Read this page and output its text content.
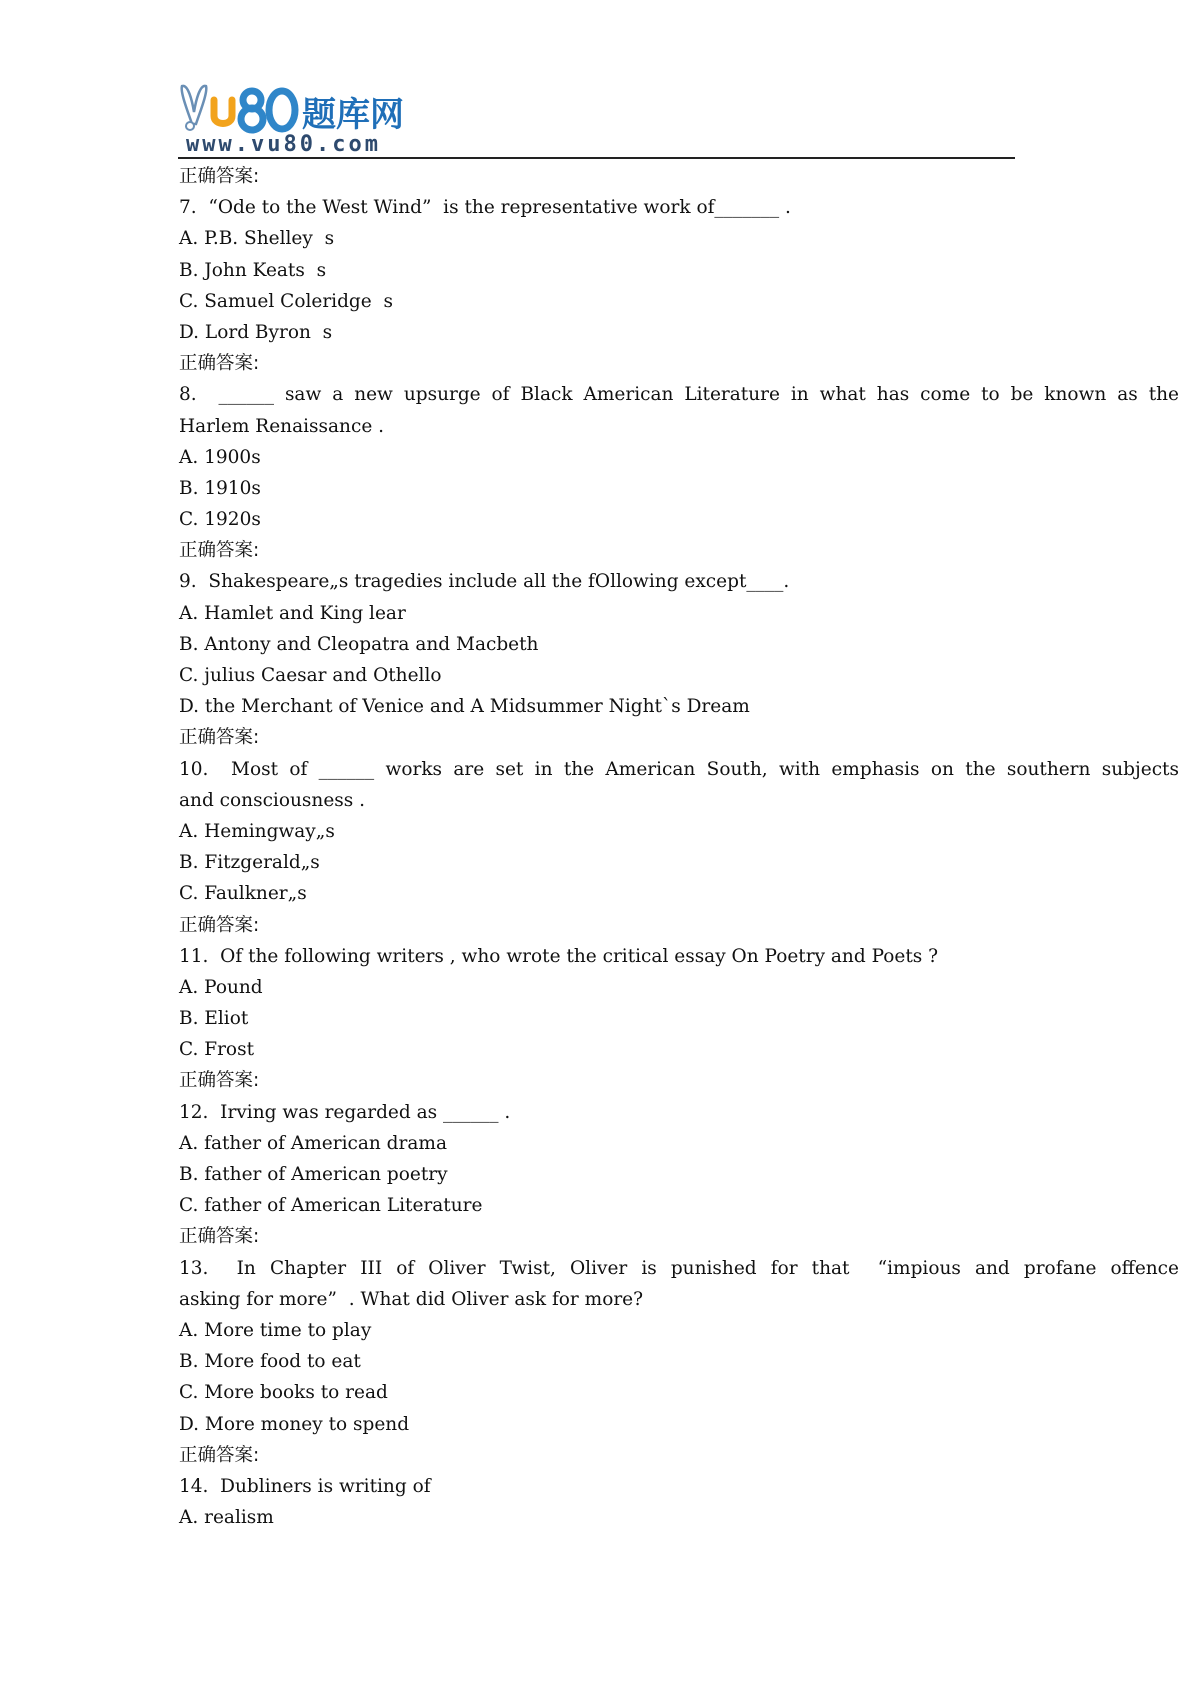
题库网
www.vu80.com
正确答案:
7.  “Ode to the West Wind”  is the representative work of_______ .
A. P.B. Shelley  s
B. John Keats  s
C. Samuel Coleridge  s
D. Lord Byron  s
正确答案:
8.  ______ saw a new upsurge of Black American Literature in what has come to be known as the
Harlem Renaissance .
A. 1900s
B. 1910s
C. 1920s
正确答案:
9.  Shakespeare„s tragedies include all the fOllowing except____.
A. Hamlet and King lear
B. Antony and Cleopatra and Macbeth
C. julius Caesar and Othello
D. the Merchant of Venice and A Midsummer Night`s Dream
正确答案:
10.  Most of ______ works are set in the American South, with emphasis on the southern subjects
and consciousness .
A. Hemingway„s
B. Fitzgerald„s
C. Faulkner„s
正确答案:
11.  Of the following writers , who wrote the critical essay On Poetry and Poets ?
A. Pound
B. Eliot
C. Frost
正确答案:
12.  Irving was regarded as ______ .
A. father of American drama
B. father of American poetry
C. father of American Literature
正确答案:
13.  In Chapter III of Oliver Twist, Oliver is punished for that  “impious and profane offence
asking for more”  . What did Oliver ask for more?
A. More time to play
B. More food to eat
C. More books to read
D. More money to spend
正确答案:
14.  Dubliners is writing of
A. realism
